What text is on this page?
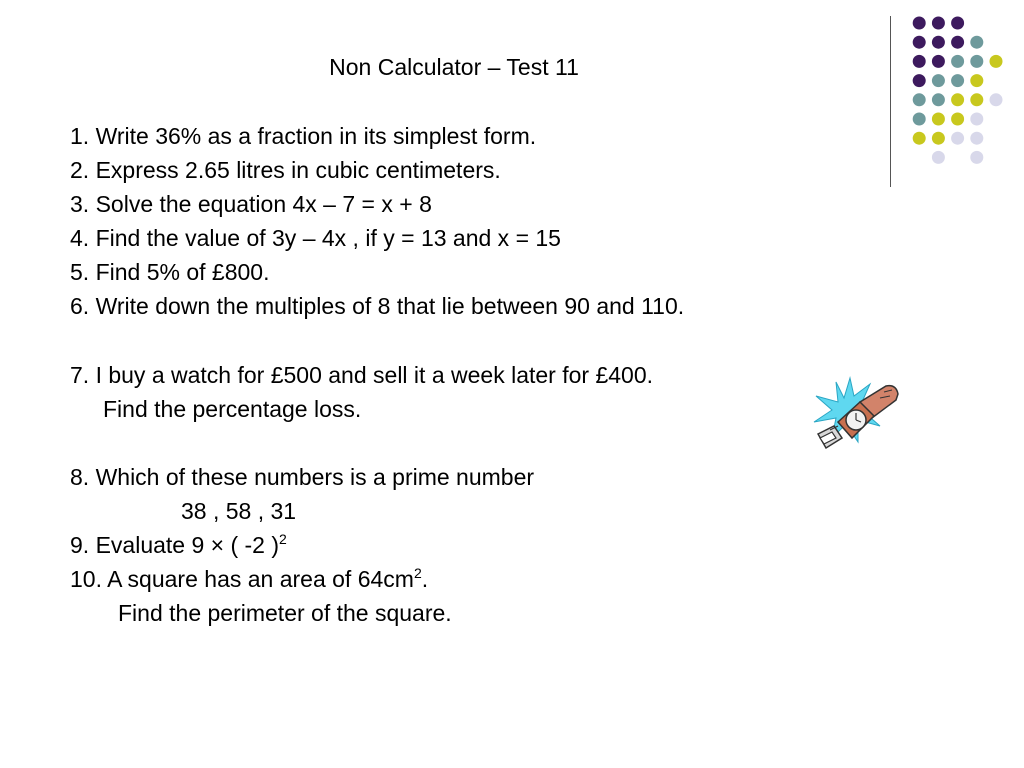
Non Calculator – Test 11
1. Write 36% as a fraction in its simplest form.
2. Express 2.65 litres in cubic centimeters.
3. Solve the equation 4x – 7 = x + 8
4. Find the value of 3y – 4x , if y = 13 and x = 15
5. Find 5% of £800.
6. Write down the multiples of 8 that lie between 90 and 110.
7. I buy a watch for £500 and sell it a week later for £400.
Find the percentage loss.
8. Which of these numbers is a prime number
38 , 58 , 31
9. Evaluate 9 × ( -2 )$^2$
10. A square has an area of $64cm^2$.
Find the perimeter of the square.
